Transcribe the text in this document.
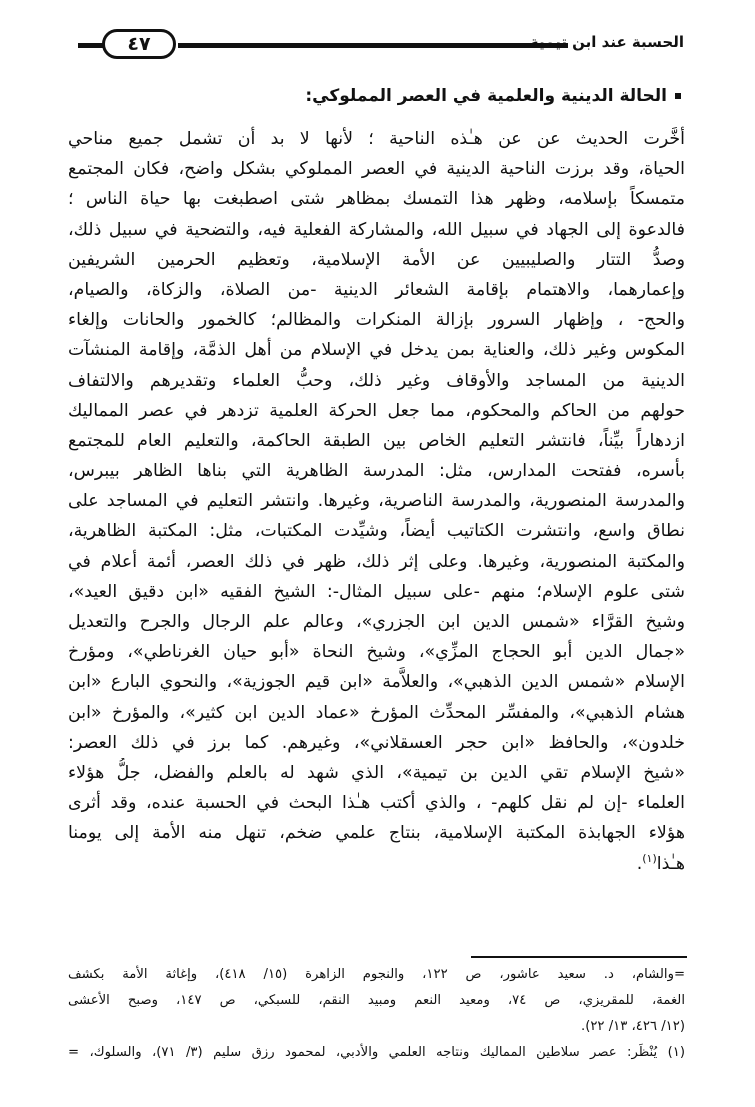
٤٧	الحسبة عند ابن تيمية
الحالة الدينية والعلمية في العصر المملوكي:
أخَّرت الحديث عن عن هـٰذه الناحية ؛ لأنها لا بد أن تشمل جميع مناحي
الحياة، وقد برزت الناحية الدينية في العصر المملوكي بشكل واضح، فكان المجتمع
متمسكاً بإسلامه، وظهر هذا التمسك بمظاهر شتى اصطبغت بها حياة الناس ؛
فالدعوة إلى الجهاد في سبيل الله، والمشاركة الفعلية فيه، والتضحية في سبيل ذلك،
وصدُّ التتار والصليبيين عن الأمة الإسلامية، وتعظيم الحرمين الشريفين
وإعمارهما، والاهتمام بإقامة الشعائر الدينية -من الصلاة، والزكاة، والصيام،
والحج- ، وإظهار السرور بإزالة المنكرات والمظالم؛ كالخمور والحانات وإلغاء
المكوس وغير ذلك، والعناية بمن يدخل في الإسلام من أهل الذمَّة، وإقامة المنشآت
الدينية من المساجد والأوقاف وغير ذلك، وحبُّ العلماء وتقديرهم والالتفاف
حولهم من الحاكم والمحكوم، مما جعل الحركة العلمية تزدهر في عصر المماليك
ازدهاراً بيِّناً، فانتشر التعليم الخاص بين الطبقة الحاكمة، والتعليم العام للمجتمع
بأسره، ففتحت المدارس، مثل: المدرسة الظاهرية التي بناها الظاهر بيبرس،
والمدرسة المنصورية، والمدرسة الناصرية، وغيرها. وانتشر التعليم في المساجد على
نطاق واسع، وانتشرت الكتاتيب أيضاً، وشيِّدت المكتبات، مثل: المكتبة الظاهرية،
والمكتبة المنصورية، وغيرها. وعلى إثر ذلك، ظهر في ذلك العصر، أئمة أعلام في
شتى علوم الإسلام؛ منهم -على سبيل المثال-: الشيخ الفقيه «ابن دقيق العيد»،
وشيخ القرَّاء «شمس الدين ابن الجزري»، وعالم علم الرجال والجرح والتعديل
«جمال الدين أبو الحجاج المزِّي»، وشيخ النحاة «أبو حيان الغرناطي»، ومؤرخ
الإسلام «شمس الدين الذهبي»، والعلاَّمة «ابن قيم الجوزية»، والنحوي البارع «ابن
هشام الذهبي»، والمفسِّر المحدِّث المؤرخ «عماد الدين ابن كثير»، والمؤرخ «ابن
خلدون»، والحافظ «ابن حجر العسقلاني»، وغيرهم. كما برز في ذلك العصر:
«شيخ الإسلام تقي الدين بن تيمية»، الذي شهد له بالعلم والفضل، جلُّ هؤلاء
العلماء -إن لم نقل كلهم- ، والذي أكتب هـٰذا البحث في الحسبة عنده، وقد أثرى
هؤلاء الجهابذة المكتبة الإسلامية، بنتاج علمي ضخم، تنهل منه الأمة إلى يومنا
هـٰذا$^{(١)}$.
=والشام، د. سعيد عاشور، ص ١٢٢، والنجوم الزاهرة (١٥/ ٤١٨)، وإغاثة الأمة بكشف
الغمة، للمقريزي، ص ٧٤، ومعيد النعم ومبيد النقم، للسبكي، ص ١٤٧، وصبح الأعشى
(١٢/ ٤٢٦، ١٣/ ٢٢).
(١) يُنْظَر: عصر سلاطين المماليك ونتاجه العلمي والأدبي، لمحمود رزق سليم (٣/ ٧١)، والسلوك، =
